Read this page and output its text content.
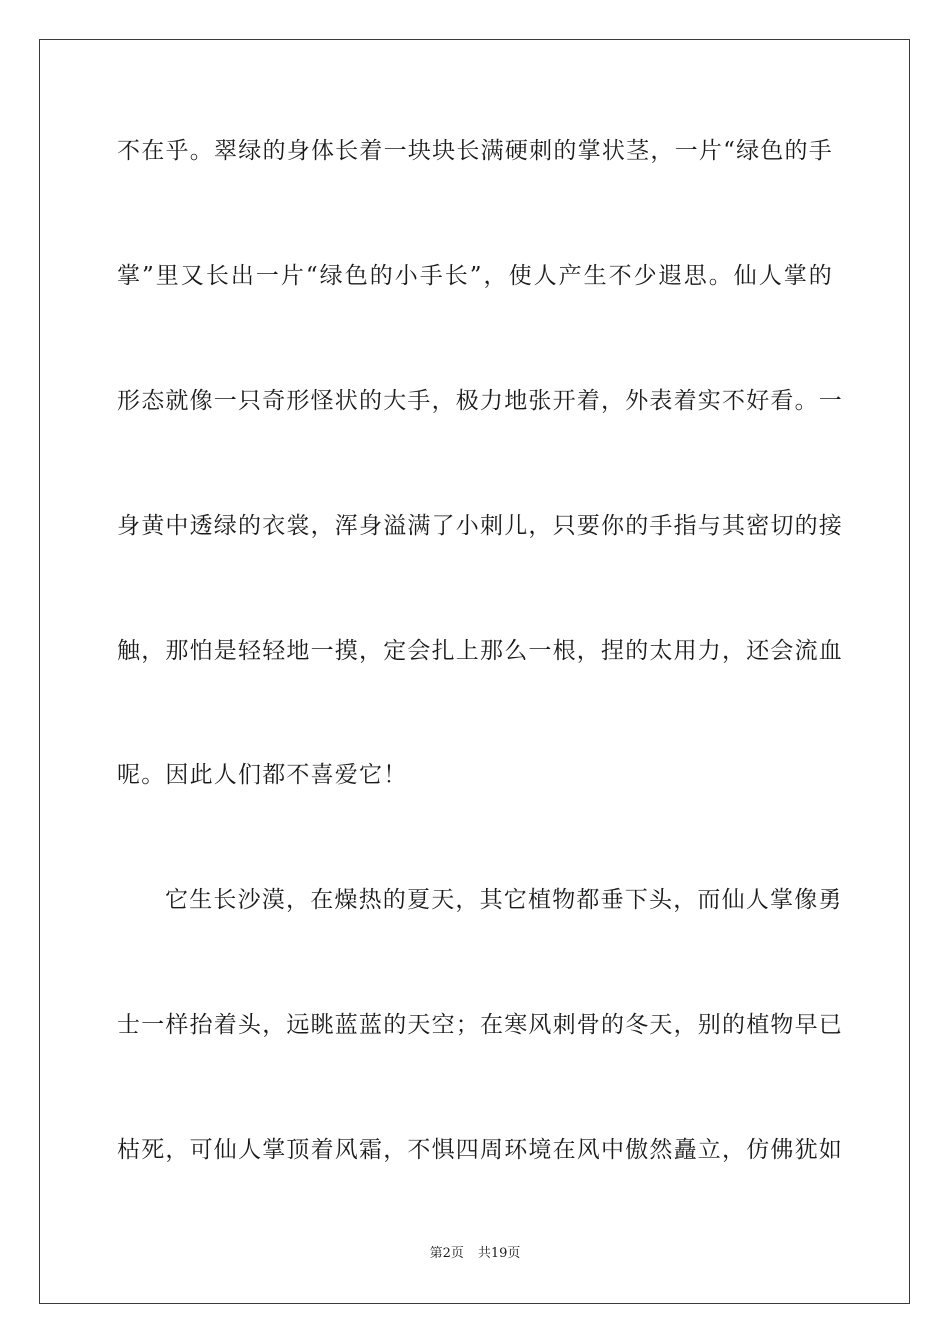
不在乎。翠绿的身体长着一块块长满硬刺的掌状茎，一片“绿色的手
掌”里又长出一片“绿色的小手长”，使人产生不少遐思。仙人掌的
形态就像一只奇形怪状的大手，极力地张开着，外表着实不好看。一
身黄中透绿的衣裳，浑身溢满了小刺儿，只要你的手指与其密切的接
触，那怕是轻轻地一摸，定会扎上那么一根，捏的太用力，还会流血
呢。因此人们都不喜爱它！
它生长沙漠，在燥热的夏天，其它植物都垂下头，而仙人掌像勇
士一样抬着头，远眺蓝蓝的天空；在寒风刺骨的冬天，别的植物早已
枯死，可仙人掌顶着风霜，不惧四周环境在风中傲然矗立，仿佛犹如
第2页 共19页
